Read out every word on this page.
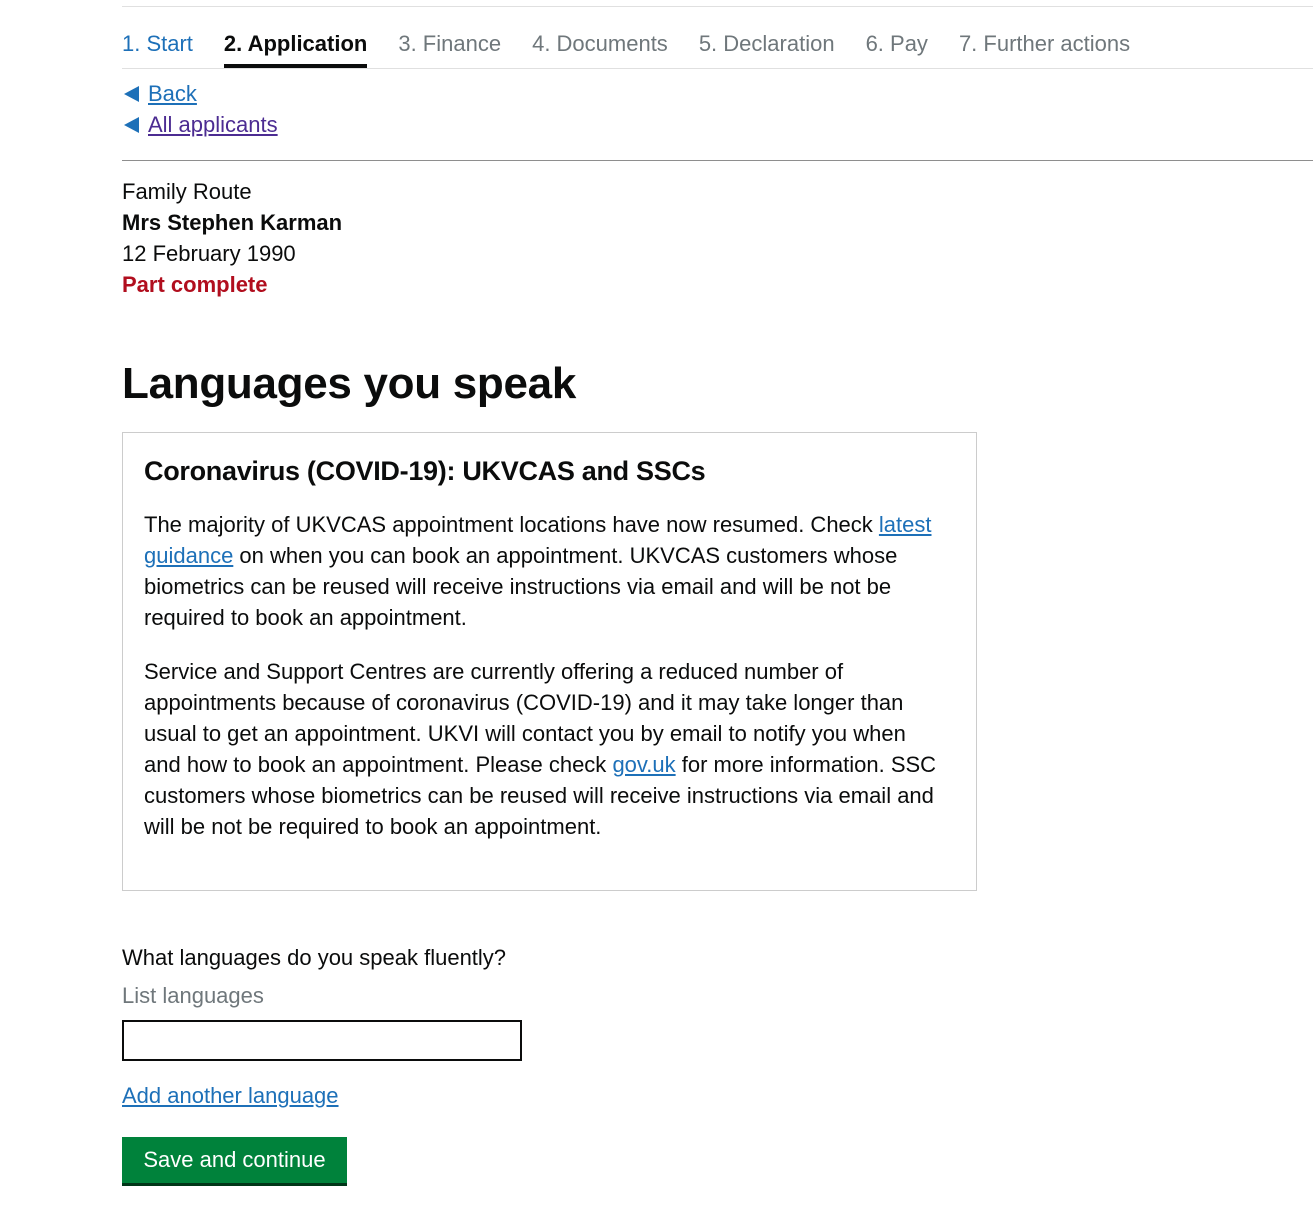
1. Start 2. Application 3. Finance 4. Documents 5. Declaration 6. Pay 7. Further actions
Back
All applicants
Family Route
Mrs Stephen Karman
12 February 1990
Part complete
Languages you speak
Coronavirus (COVID-19): UKVCAS and SSCs

The majority of UKVCAS appointment locations have now resumed. Check latest guidance on when you can book an appointment. UKVCAS customers whose biometrics can be reused will receive instructions via email and will be not be required to book an appointment.

Service and Support Centres are currently offering a reduced number of appointments because of coronavirus (COVID-19) and it may take longer than usual to get an appointment. UKVI will contact you by email to notify you when and how to book an appointment. Please check gov.uk for more information. SSC customers whose biometrics can be reused will receive instructions via email and will be not be required to book an appointment.

What languages do you speak fluently?
List languages
Add another language
Save and continue
